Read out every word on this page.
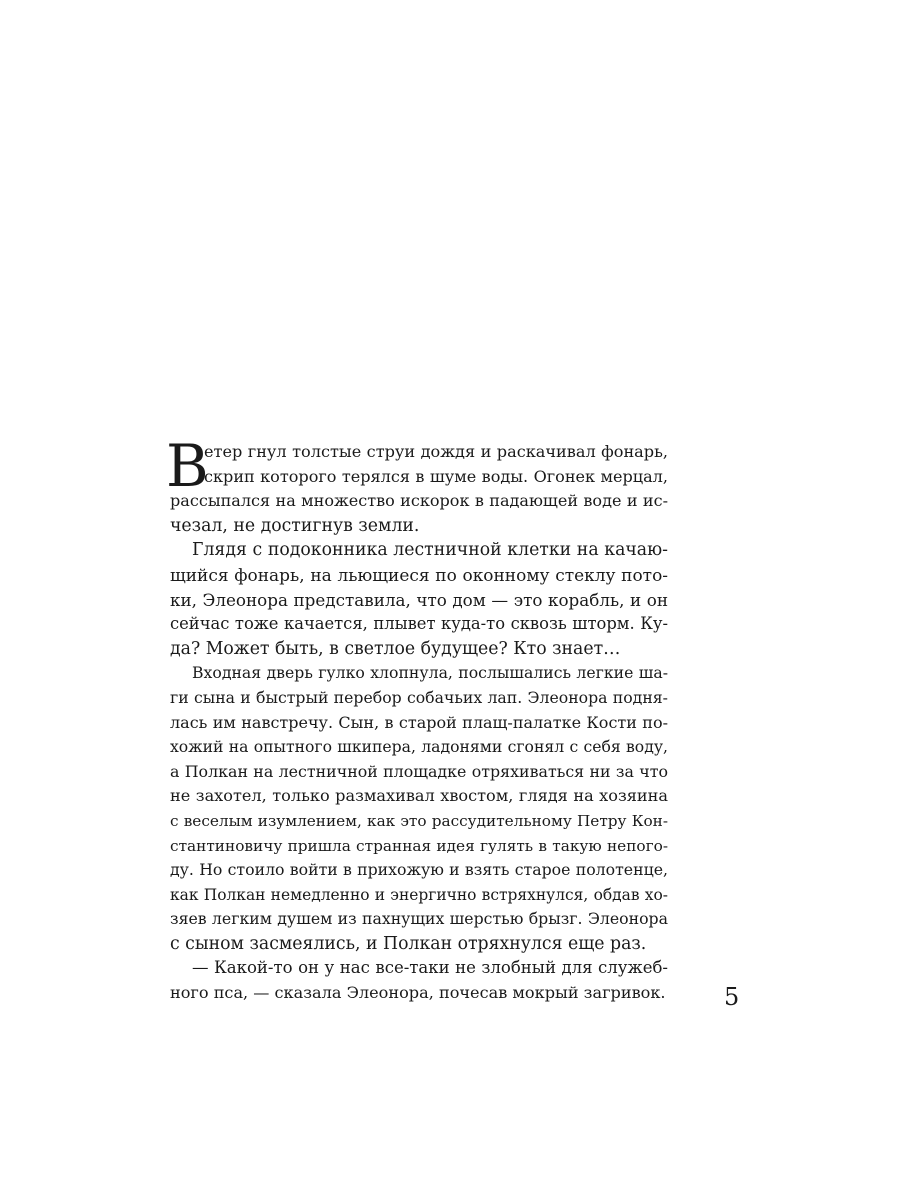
В
етер гнул толстые струи дождя и раскачивал фонарь,
скрип которого терялся в шуме воды. Огонек мерцал,
рассыпался на множество искорок в падающей воде и ис-
чезал, не достигнув земли.
Глядя с подоконника лестничной клетки на качаю-
щийся фонарь, на льющиеся по оконному стеклу пото-
ки, Элеонора представила, что дом — это корабль, и он
сейчас тоже качается, плывет куда-то сквозь шторм. Ку-
да? Может быть, в светлое будущее? Кто знает…
Входная дверь гулко хлопнула, послышались легкие ша-
ги сына и быстрый перебор собачьих лап. Элеонора подня-
лась им навстречу. Сын, в старой плащ-палатке Кости по-
хожий на опытного шкипера, ладонями сгонял с себя воду,
а Полкан на лестничной площадке отряхиваться ни за что
не захотел, только размахивал хвостом, глядя на хозяина
с веселым изумлением, как это рассудительному Петру Кон-
стантиновичу пришла странная идея гулять в такую непого-
ду. Но стоило войти в прихожую и взять старое полотенце,
как Полкан немедленно и энергично встряхнулся, обдав хо-
зяев легким душем из пахнущих шерстью брызг. Элеонора
с сыном засмеялись, и Полкан отряхнулся еще раз.
— Какой-то он у нас все-таки не злобный для служеб-
ного пса, — сказала Элеонора, почесав мокрый загривок. 5
